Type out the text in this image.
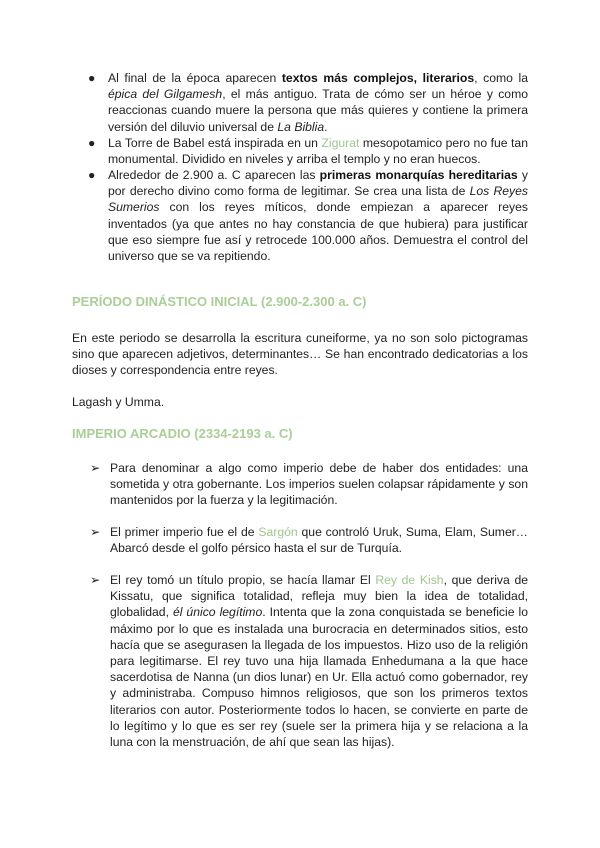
●	Al final de la época aparecen textos más complejos, literarios, como la épica del Gilgamesh, el más antiguo. Trata de cómo ser un héroe y como reaccionas cuando muere la persona que más quieres y contiene la primera versión del diluvio universal de La Biblia.
●	La Torre de Babel está inspirada en un Zigurat mesopotamico pero no fue tan monumental. Dividido en niveles y arriba el templo y no eran huecos.
●	Alrededor de 2.900 a. C aparecen las primeras monarquías hereditarias y por derecho divino como forma de legitimar. Se crea una lista de Los Reyes Sumerios con los reyes míticos, donde empiezan a aparecer reyes inventados (ya que antes no hay constancia de que hubiera) para justificar que eso siempre fue así y retrocede 100.000 años. Demuestra el control del universo que se va repitiendo.
PERÍODO DINÁSTICO INICIAL (2.900-2.300 a. C)
En este periodo se desarrolla la escritura cuneiforme, ya no son solo pictogramas sino que aparecen adjetivos, determinantes… Se han encontrado dedicatorias a los dioses y correspondencia entre reyes.
Lagash y Umma.
IMPERIO ARCADIO (2334-2193 a. C)
➢ Para denominar a algo como imperio debe de haber dos entidades: una sometida y otra gobernante. Los imperios suelen colapsar rápidamente y son mantenidos por la fuerza y la legitimación.
➢ El primer imperio fue el de Sargón que controló Uruk, Suma, Elam, Sumer… Abarcó desde el golfo pérsico hasta el sur de Turquía.
➢ El rey tomó un título propio, se hacía llamar El Rey de Kish, que deriva de Kissatu, que significa totalidad, refleja muy bien la idea de totalidad, globalidad, él único legítimo. Intenta que la zona conquistada se beneficie lo máximo por lo que es instalada una burocracia en determinados sitios, esto hacía que se asegurasen la llegada de los impuestos. Hizo uso de la religión para legitimarse. El rey tuvo una hija llamada Enhedumana a la que hace sacerdotisa de Nanna (un dios lunar) en Ur. Ella actuó como gobernador, rey y administraba. Compuso himnos religiosos, que son los primeros textos literarios con autor. Posteriormente todos lo hacen, se convierte en parte de lo legítimo y lo que es ser rey (suele ser la primera hija y se relaciona a la luna con la menstruación, de ahí que sean las hijas).
